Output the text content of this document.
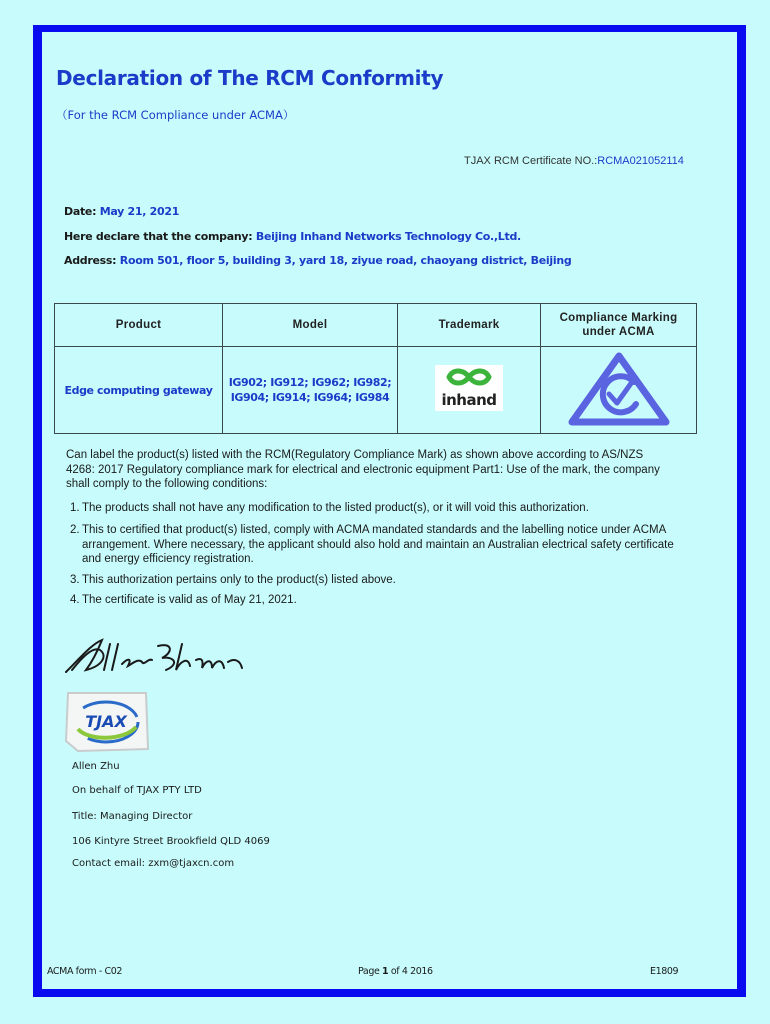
Declaration of The RCM Conformity
（For the RCM Compliance under ACMA）
TJAX RCM Certificate NO.:RCMA021052114
Date: May 21, 2021
Here declare that the company: Beijing Inhand Networks Technology Co.,Ltd.
Address: Room 501, floor 5, building 3, yard 18, ziyue road, chaoyang district, Beijing
Product	Model	Trademark	Compliance Marking
under ACMA
Edge computing gateway	IG902; IG912; IG962; IG982;
IG904; IG914; IG964; IG984	inhand

Can label the product(s) listed with the RCM(Regulatory Compliance Mark) as shown above according to AS/NZS 4268: 2017 Regulatory compliance mark for electrical and electronic equipment Part1: Use of the mark, the company shall comply to the following conditions:
1. The products shall not have any modification to the listed product(s), or it will void this authorization.
2. This to certified that product(s) listed, comply with ACMA mandated standards and the labelling notice under ACMA arrangement. Where necessary, the applicant should also hold and maintain an Australian electrical safety certificate and energy efficiency registration.
3. This authorization pertains only to the product(s) listed above.
4. The certificate is valid as of May 21, 2021.
TJAX
Allen Zhu
On behalf of TJAX PTY LTD
Title: Managing Director
106 Kintyre Street Brookfield QLD 4069
Contact email: zxm@tjaxcn.com
ACMA form - C02	Page 1 of 4 2016	E1809
